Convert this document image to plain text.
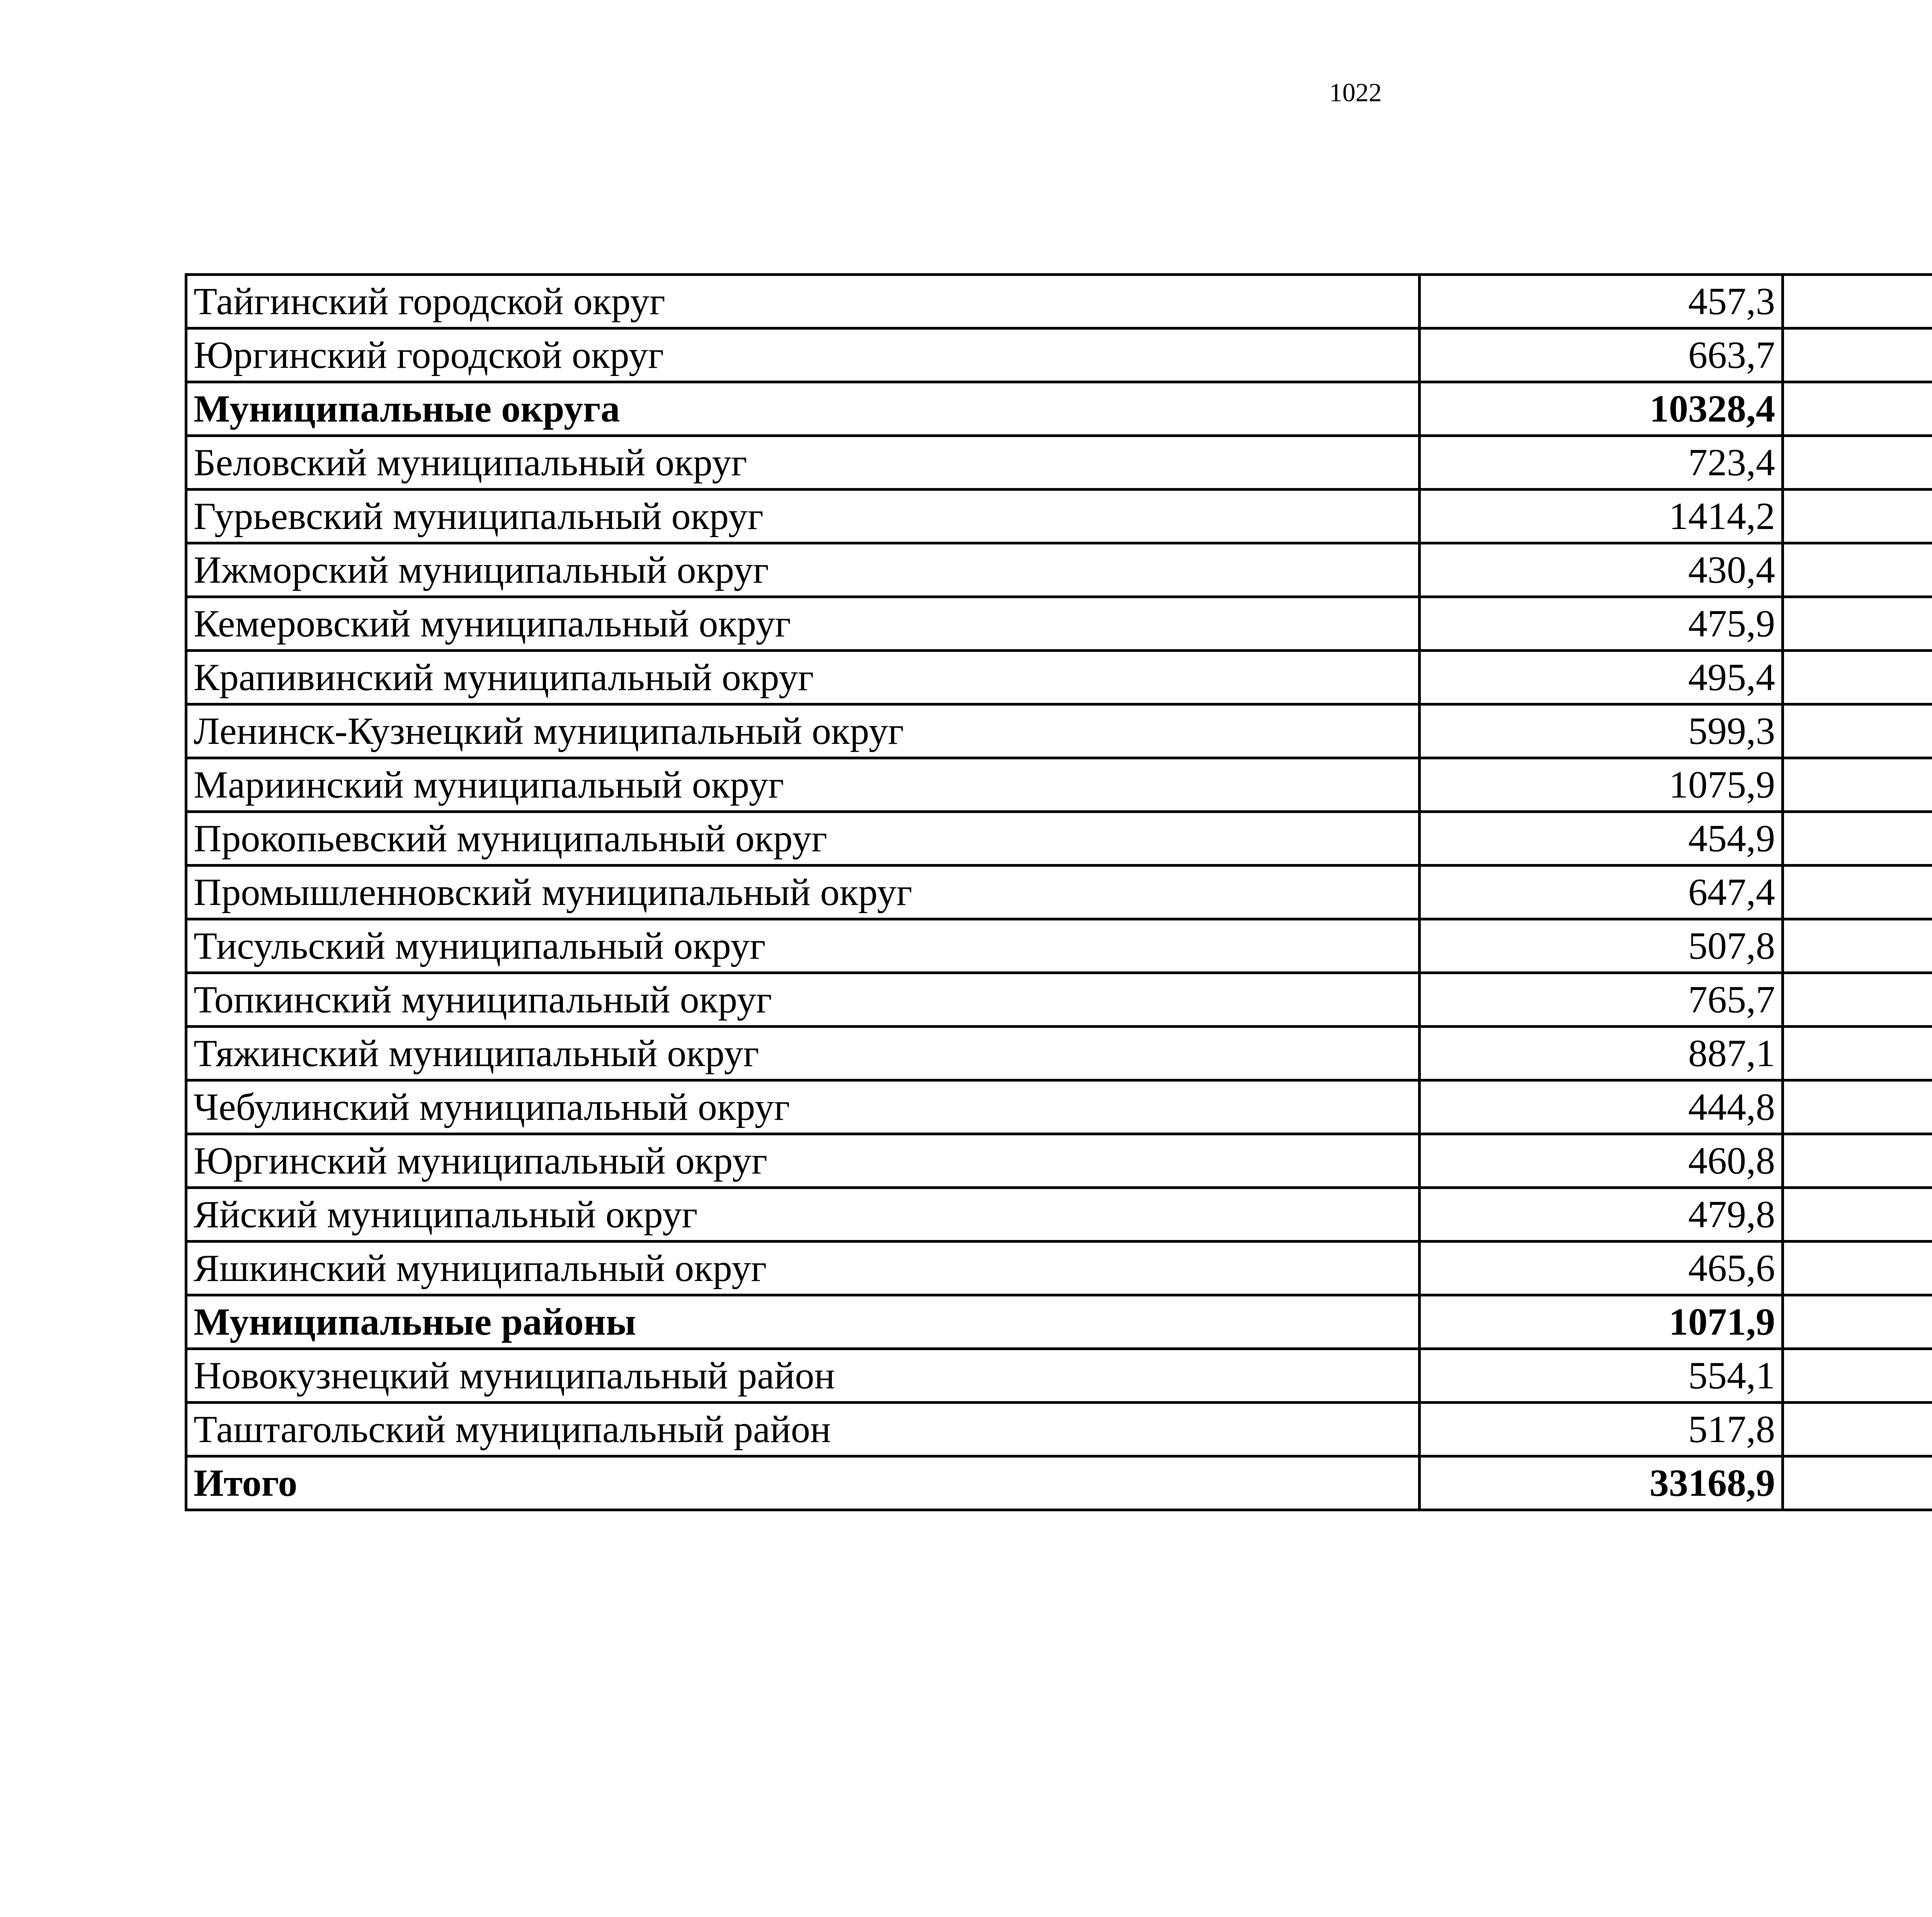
1022
Тайгинский городской округ	457,3		
Юргинский городской округ	663,7		
Муниципальные округа	10328,4		
Беловский муниципальный округ	723,4		
Гурьевский муниципальный округ	1414,2		
Ижморский муниципальный округ	430,4		
Кемеровский муниципальный округ	475,9		
Крапивинский муниципальный округ	495,4		
Ленинск-Кузнецкий муниципальный округ	599,3		
Мариинский муниципальный округ	1075,9		
Прокопьевский муниципальный округ	454,9		
Промышленновский муниципальный округ	647,4		
Тисульский муниципальный округ	507,8		
Топкинский муниципальный округ	765,7		
Тяжинский муниципальный округ	887,1		
Чебулинский муниципальный округ	444,8		
Юргинский муниципальный округ	460,8		
Яйский муниципальный округ	479,8		
Яшкинский муниципальный округ	465,6		
Муниципальные районы	1071,9		
Новокузнецкий муниципальный район	554,1		
Таштагольский муниципальный район	517,8		
Итого	33168,9		
